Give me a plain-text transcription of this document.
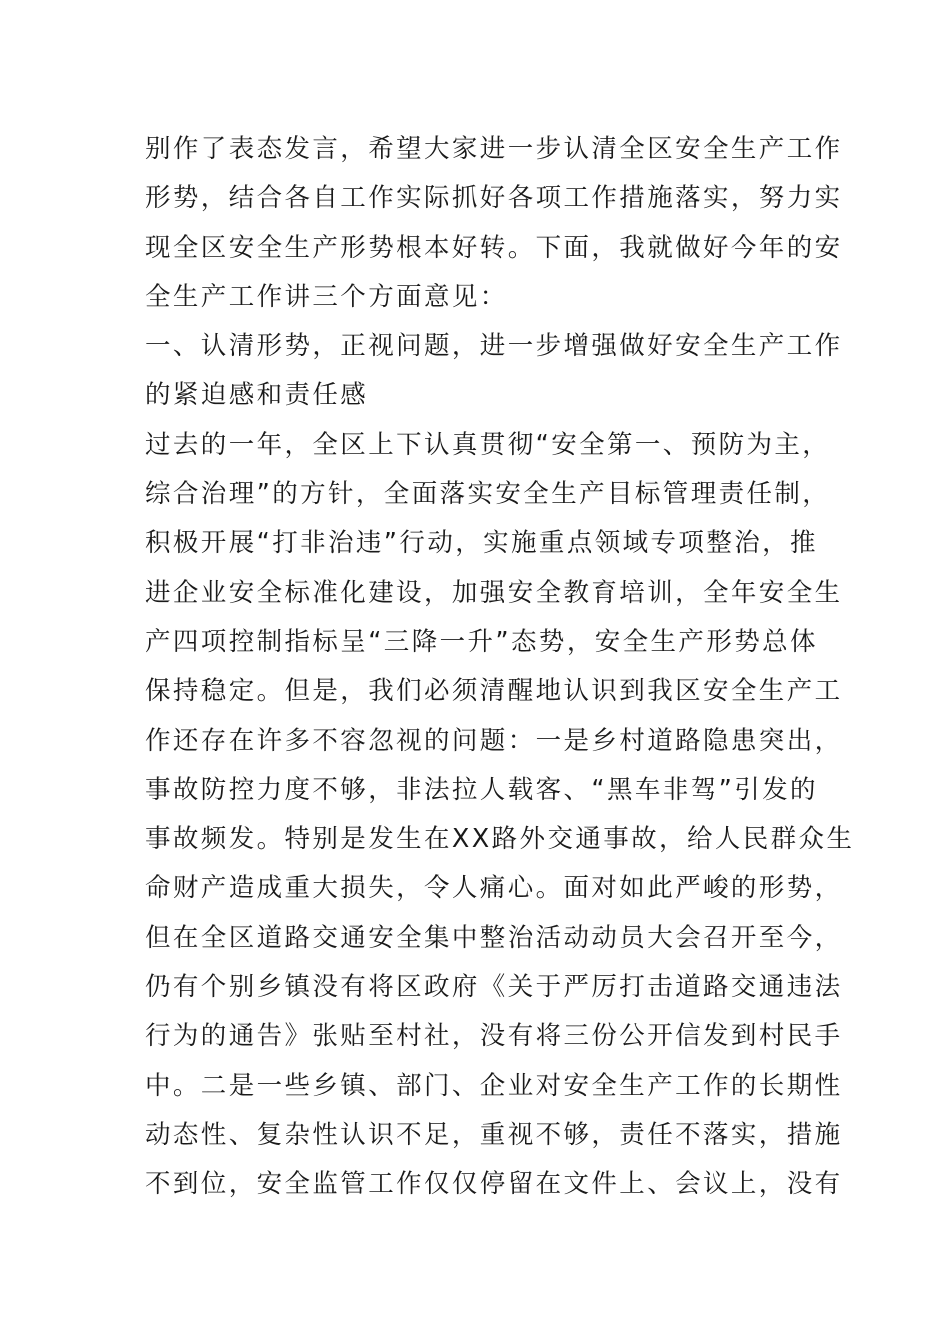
别作了表态发言，希望大家进一步认清全区安全生产工作
形势，结合各自工作实际抓好各项工作措施落实，努力实
现全区安全生产形势根本好转。下面，我就做好今年的安
全生产工作讲三个方面意见：
一、认清形势，正视问题，进一步增强做好安全生产工作
的紧迫感和责任感
过去的一年，全区上下认真贯彻“安全第一、预防为主，
综合治理”的方针，全面落实安全生产目标管理责任制，
积极开展“打非治违”行动，实施重点领域专项整治，推
进企业安全标准化建设，加强安全教育培训，全年安全生
产四项控制指标呈“三降一升”态势，安全生产形势总体
保持稳定。但是，我们必须清醒地认识到我区安全生产工
作还存在许多不容忽视的问题：一是乡村道路隐患突出，
事故防控力度不够，非法拉人载客、“黑车非驾”引发的
事故频发。特别是发生在XX路外交通事故，给人民群众生
命财产造成重大损失，令人痛心。面对如此严峻的形势，
但在全区道路交通安全集中整治活动动员大会召开至今，
仍有个别乡镇没有将区政府《关于严厉打击道路交通违法
行为的通告》张贴至村社，没有将三份公开信发到村民手
中。二是一些乡镇、部门、企业对安全生产工作的长期性
动态性、复杂性认识不足，重视不够，责任不落实，措施
不到位，安全监管工作仅仅停留在文件上、会议上，没有
